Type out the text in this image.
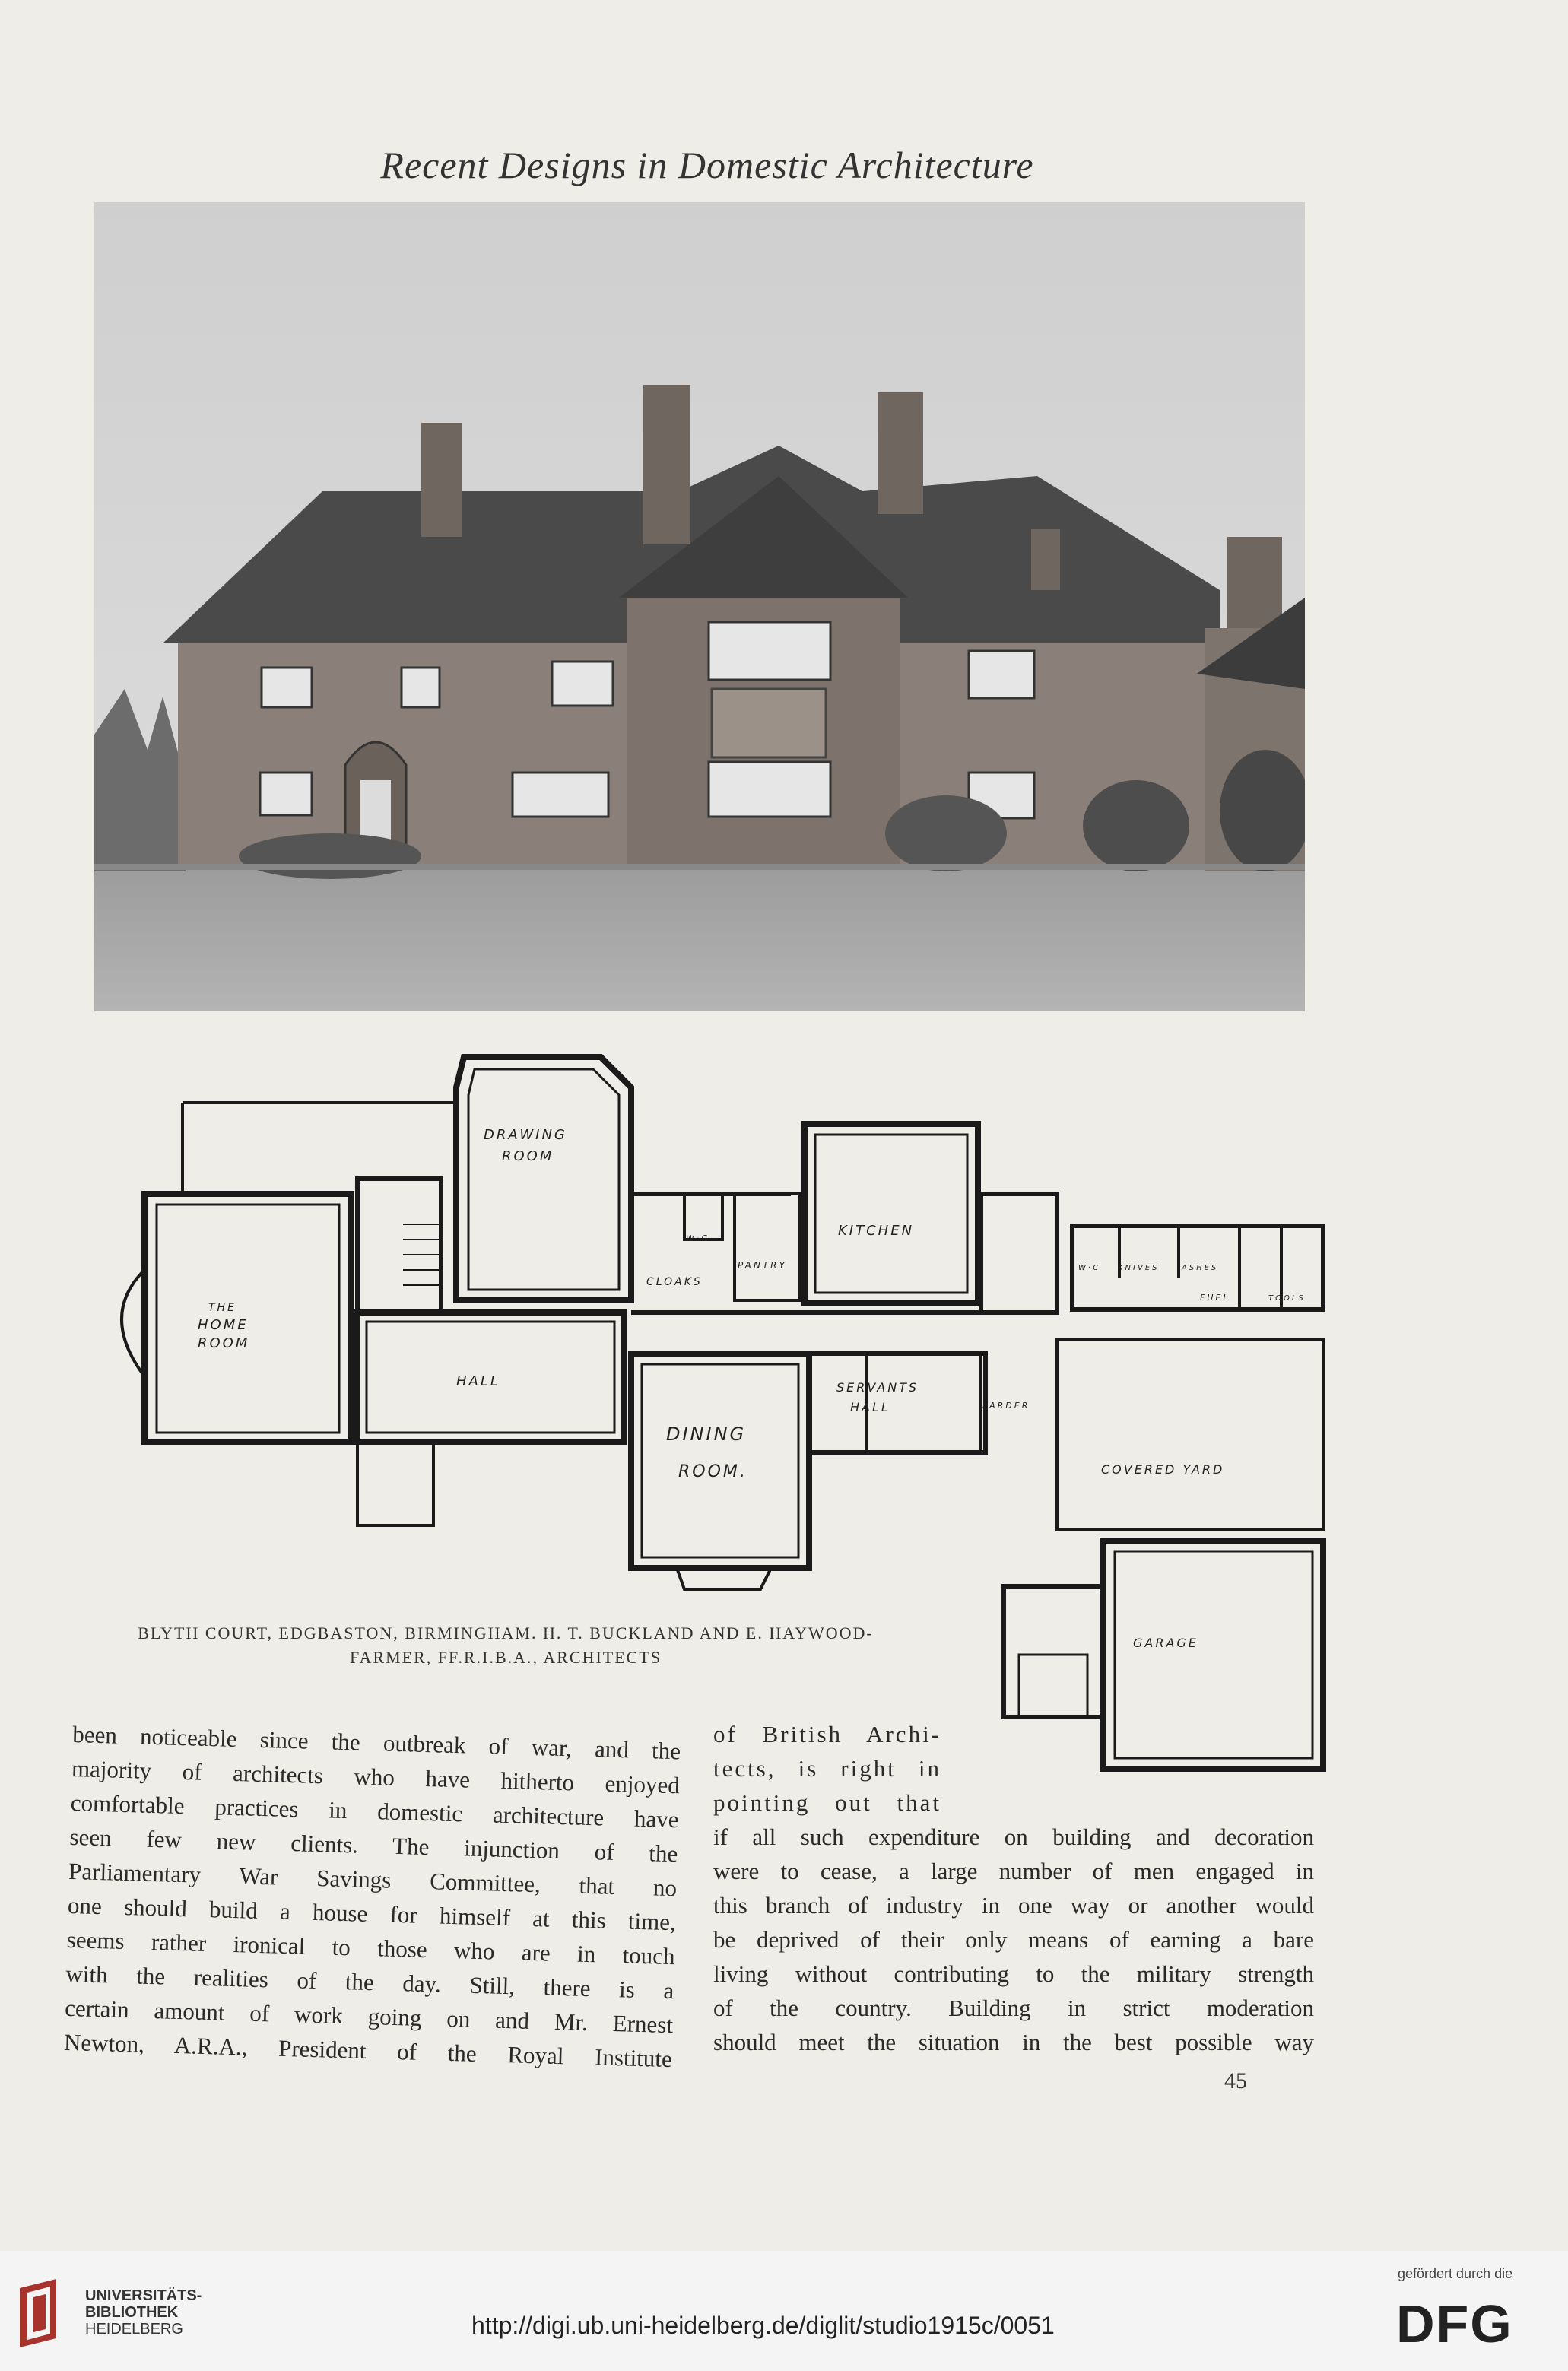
Recent Designs in Domestic Architecture
DRAWING
ROOM
KITCHEN
W·C
PANTRY
CLOAKS
THE
HOME
ROOM
HALL
DINING
ROOM.
SERVANTS
HALL	LARDER
W·C KNIVES	ASHES
FUEL	TOOLS
COVERED YARD
GARAGE
BLYTH COURT, EDGBASTON, BIRMINGHAM. H. T. BUCKLAND AND E. HAYWOOD-
FARMER, FF.R.I.B.A., ARCHITECTS
been noticeable since the outbreak of war, and the
majority of architects who have hitherto enjoyed
comfortable practices in domestic architecture have
seen few new clients. The injunction of the
Parliamentary War Savings Committee, that no
one should build a house for himself at this time,
seems rather ironical to those who are in touch
with the realities of the day. Still, there is a
certain amount of work going on and Mr. Ernest
Newton, A.R.A., President of the Royal Institute
of British Archi-
tects, is right in
pointing out that
if all such expenditure on building and decoration
were to cease, a large number of men engaged in
this branch of industry in one way or another would
be deprived of their only means of earning a bare
living without contributing to the military strength
of the country. Building in strict moderation
should meet the situation in the best possible way
45
UNIVERSITÄTS-
BIBLIOTHEK
HEIDELBERG	http://digi.ub.uni-heidelberg.de/diglit/studio1915c/0051
gefördert durch die
DFG
